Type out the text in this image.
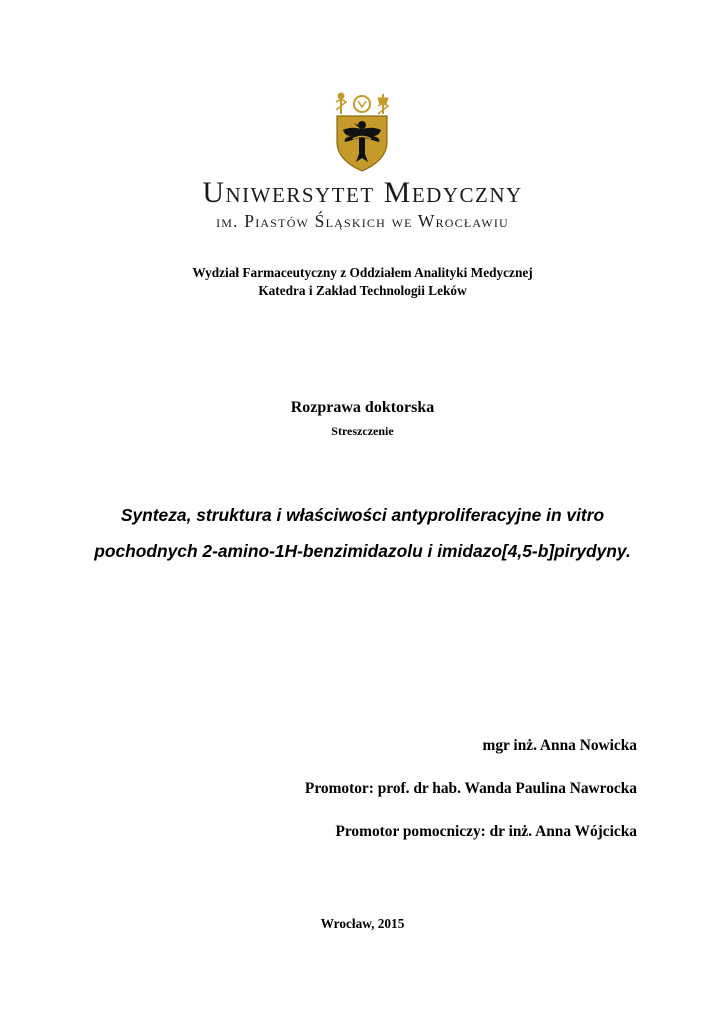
Uniwersytet Medyczny
im. Piastów Śląskich we Wrocławiu
Wydział Farmaceutyczny z Oddziałem Analityki Medycznej
Katedra i Zakład Technologii Leków
Rozprawa doktorska
Streszczenie
Synteza, struktura i właściwości antyproliferacyjne in vitro
pochodnych 2-amino-1H-benzimidazolu i imidazo[4,5-b]pirydyny.
mgr inż. Anna Nowicka
Promotor: prof. dr hab. Wanda Paulina Nawrocka
Promotor pomocniczy: dr inż. Anna Wójcicka
Wrocław, 2015
